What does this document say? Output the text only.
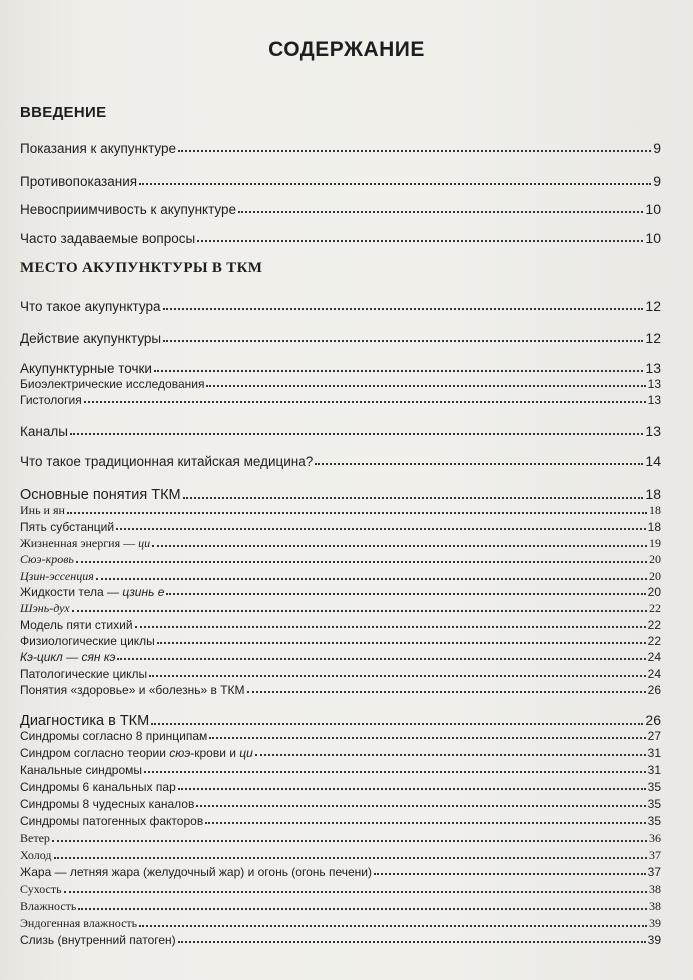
СОДЕРЖАНИЕ
ВВЕДЕНИЕ
Показания к акупунктуре	9
Противопоказания	9
Невосприимчивость к акупунктуре	10
Часто задаваемые вопросы	10
МЕСТО АКУПУНКТУРЫ В ТКМ
Что такое акупунктура	12
Действие акупунктуры	12
Акупунктурные точки	13
Биоэлектрические исследования	13
Гистология	13
Каналы	13
Что такое традиционная китайская медицина?	14
Основные понятия ТКМ	18
Инь и ян	18
Пять субстанций	18
Жизненная энергия — ци	19
Сюэ-кровь	20
Цзин-эссенция	20
Жидкости тела — цзинь е	20
Шэнь-дух	22
Модель пяти стихий	22
Физиологические циклы	22
Кэ-цикл — сян кэ	24
Патологические циклы	24
Понятия «здоровье» и «болезнь» в ТКМ	26
Диагностика в ТКМ	26
Синдромы согласно 8 принципам	27
Синдром согласно теории сюэ-крови и ци	31
Канальные синдромы	31
Синдромы 6 канальных пар	35
Синдромы 8 чудесных каналов	35
Синдромы патогенных факторов	35
Ветер	36
Холод	37
Жара — летняя жара (желудочный жар) и огонь (огонь печени)	37
Сухость	38
Влажность	38
Эндогенная влажность	39
Слизь (внутренний патоген)	39
